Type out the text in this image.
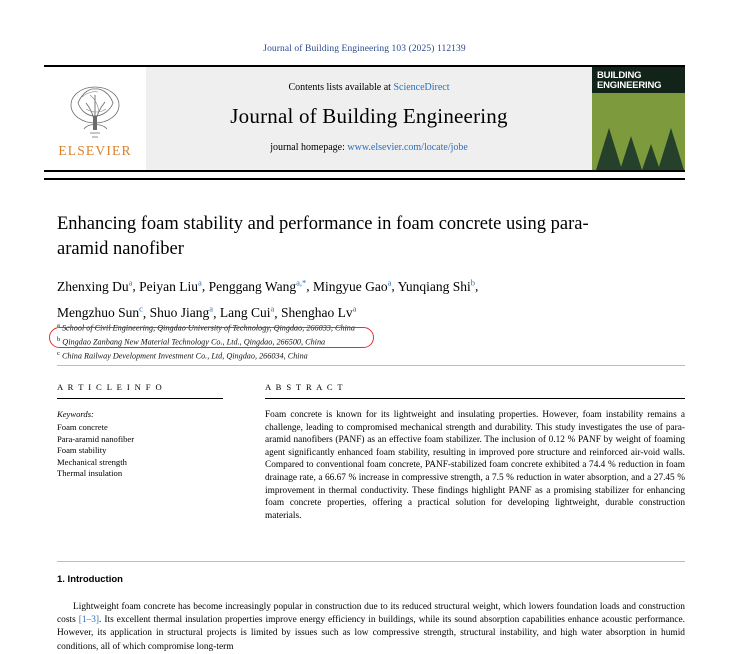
Journal of Building Engineering 103 (2025) 112139
ELSEVIER
Contents lists available at ScienceDirect
Journal of Building Engineering
journal homepage: www.elsevier.com/locate/jobe
BUILDING
ENGINEERING
Enhancing foam stability and performance in foam concrete using para-aramid nanofiber
Zhenxing Du$^a$, Peiyan Liu$^a$, Penggang Wang$^{a,*}$, Mingyue Gao$^a$, Yunqiang Shi$^b$,
Mengzhuo Sun$^c$, Shuo Jiang$^a$, Lang Cui$^a$, Shenghao Lv$^a$
$^a$ School of Civil Engineering, Qingdao University of Technology, Qingdao, 266033, China
$^b$ Qingdao Zanbang New Material Technology Co., Ltd., Qingdao, 266500, China
$^c$ China Railway Development Investment Co., Ltd, Qingdao, 266034, China
A R T I C L E I N F O
Keywords:
Foam concrete
Para-aramid nanofiber
Foam stability
Mechanical strength
Thermal insulation
A B S T R A C T
Foam concrete is known for its lightweight and insulating properties. However, foam instability remains a challenge, leading to compromised mechanical strength and durability. This study investigates the use of para-aramid nanofibers (PANF) as an effective foam stabilizer. The inclusion of 0.12 % PANF by weight of foaming agent significantly enhanced foam stability, resulting in improved pore structure and reinforced air-void walls. Compared to conventional foam concrete, PANF-stabilized foam concrete exhibited a 74.4 % reduction in foam drainage rate, a 66.67 % increase in compressive strength, a 7.5 % reduction in water absorption, and a 27.45 % improvement in thermal conductivity. These findings highlight PANF as a promising stabilizer for enhancing foam concrete properties, offering a practical solution for developing lightweight, durable construction materials.
1. Introduction
Lightweight foam concrete has become increasingly popular in construction due to its reduced structural weight, which lowers foundation loads and construction costs [1–3]. Its excellent thermal insulation properties improve energy efficiency in buildings, while its sound absorption capabilities enhance acoustic performance. However, its application in structural projects is limited by issues such as low compressive strength, structural instability, and high water absorption in humid conditions, all of which compromise long-term
